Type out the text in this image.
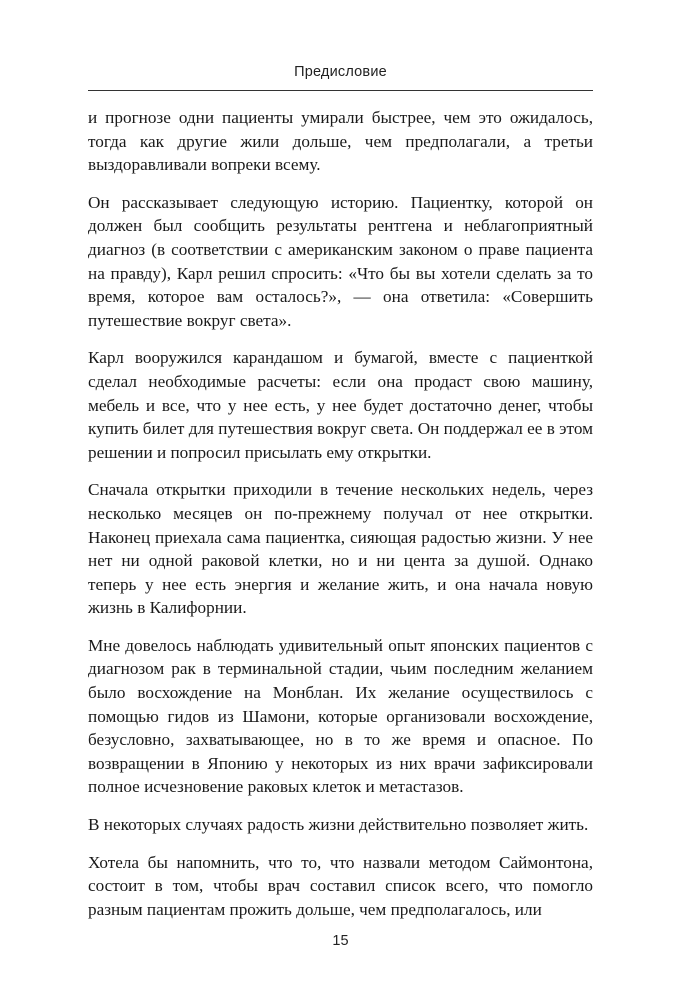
Предисловие

и прогнозе одни пациенты умирали быстрее, чем это ожидалось, тогда как другие жили дольше, чем предполагали, а третьи выздоравливали вопреки всему.

Он рассказывает следующую историю. Пациентку, которой он должен был сообщить результаты рентгена и неблагоприятный диагноз (в соответствии с американским законом о праве пациента на правду), Карл решил спросить: «Что бы вы хотели сделать за то время, которое вам осталось?», — она ответила: «Совершить путешествие вокруг света».

Карл вооружился карандашом и бумагой, вместе с пациенткой сделал необходимые расчеты: если она продаст свою машину, мебель и все, что у нее есть, у нее будет достаточно денег, чтобы купить билет для путешествия вокруг света. Он поддержал ее в этом решении и попросил присылать ему открытки.

Сначала открытки приходили в течение нескольких недель, через несколько месяцев он по-прежнему получал от нее открытки. Наконец приехала сама пациентка, сияющая радостью жизни. У нее нет ни одной раковой клетки, но и ни цента за душой. Однако теперь у нее есть энергия и желание жить, и она начала новую жизнь в Калифорнии.

Мне довелось наблюдать удивительный опыт японских пациентов с диагнозом рак в терминальной стадии, чьим последним желанием было восхождение на Монблан. Их желание осуществилось с помощью гидов из Шамони, которые организовали восхождение, безусловно, захватывающее, но в то же время и опасное. По возвращении в Японию у некоторых из них врачи зафиксировали полное исчезновение раковых клеток и метастазов.

В некоторых случаях радость жизни действительно позволяет жить.

Хотела бы напомнить, что то, что назвали методом Саймонтона, состоит в том, чтобы врач составил список всего, что помогло разным пациентам прожить дольше, чем предполагалось, или

15
